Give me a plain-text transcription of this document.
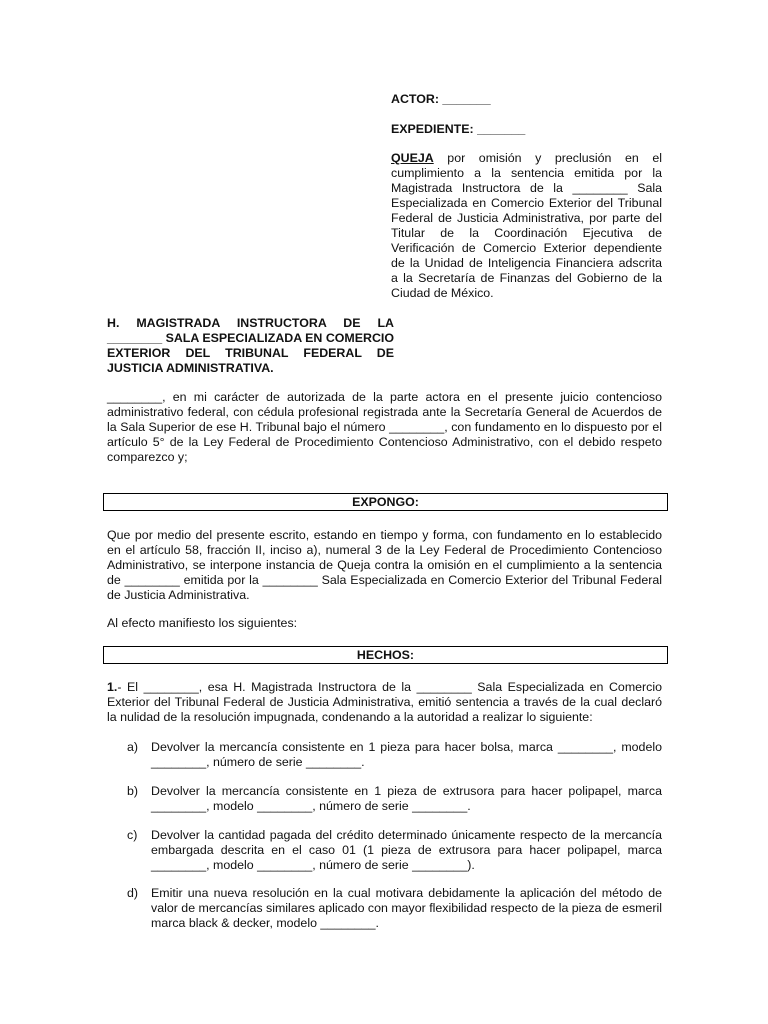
ACTOR: _______
EXPEDIENTE: _______
QUEJA por omisión y preclusión en el cumplimiento a la sentencia emitida por la Magistrada Instructora de la ________ Sala Especializada en Comercio Exterior del Tribunal Federal de Justicia Administrativa, por parte del Titular de la Coordinación Ejecutiva de Verificación de Comercio Exterior dependiente de la Unidad de Inteligencia Financiera adscrita a la Secretaría de Finanzas del Gobierno de la Ciudad de México.
H. MAGISTRADA INSTRUCTORA DE LA ________ SALA ESPECIALIZADA EN COMERCIO EXTERIOR DEL TRIBUNAL FEDERAL DE JUSTICIA ADMINISTRATIVA.
________, en mi carácter de autorizada de la parte actora en el presente juicio contencioso administrativo federal, con cédula profesional registrada ante la Secretaría General de Acuerdos de la Sala Superior de ese H. Tribunal bajo el número ________, con fundamento en lo dispuesto por el artículo 5° de la Ley Federal de Procedimiento Contencioso Administrativo, con el debido respeto comparezco y;
EXPONGO:
Que por medio del presente escrito, estando en tiempo y forma, con fundamento en lo establecido en el artículo 58, fracción II, inciso a), numeral 3 de la Ley Federal de Procedimiento Contencioso Administrativo, se interpone instancia de Queja contra la omisión en el cumplimiento a la sentencia de ________ emitida por la ________ Sala Especializada en Comercio Exterior del Tribunal Federal de Justicia Administrativa.
Al efecto manifiesto los siguientes:
HECHOS:
1.- El ________, esa H. Magistrada Instructora de la ________ Sala Especializada en Comercio Exterior del Tribunal Federal de Justicia Administrativa, emitió sentencia a través de la cual declaró la nulidad de la resolución impugnada, condenando a la autoridad a realizar lo siguiente:
a)	Devolver la mercancía consistente en 1 pieza para hacer bolsa, marca ________, modelo ________, número de serie ________.
b)	Devolver la mercancía consistente en 1 pieza de extrusora para hacer polipapel, marca ________, modelo ________, número de serie ________.
c)	Devolver la cantidad pagada del crédito determinado únicamente respecto de la mercancía embargada descrita en el caso 01 (1 pieza de extrusora para hacer polipapel, marca ________, modelo ________, número de serie ________).
d)	Emitir una nueva resolución en la cual motivara debidamente la aplicación del método de valor de mercancías similares aplicado con mayor flexibilidad respecto de la pieza de esmeril marca black & decker, modelo ________.
